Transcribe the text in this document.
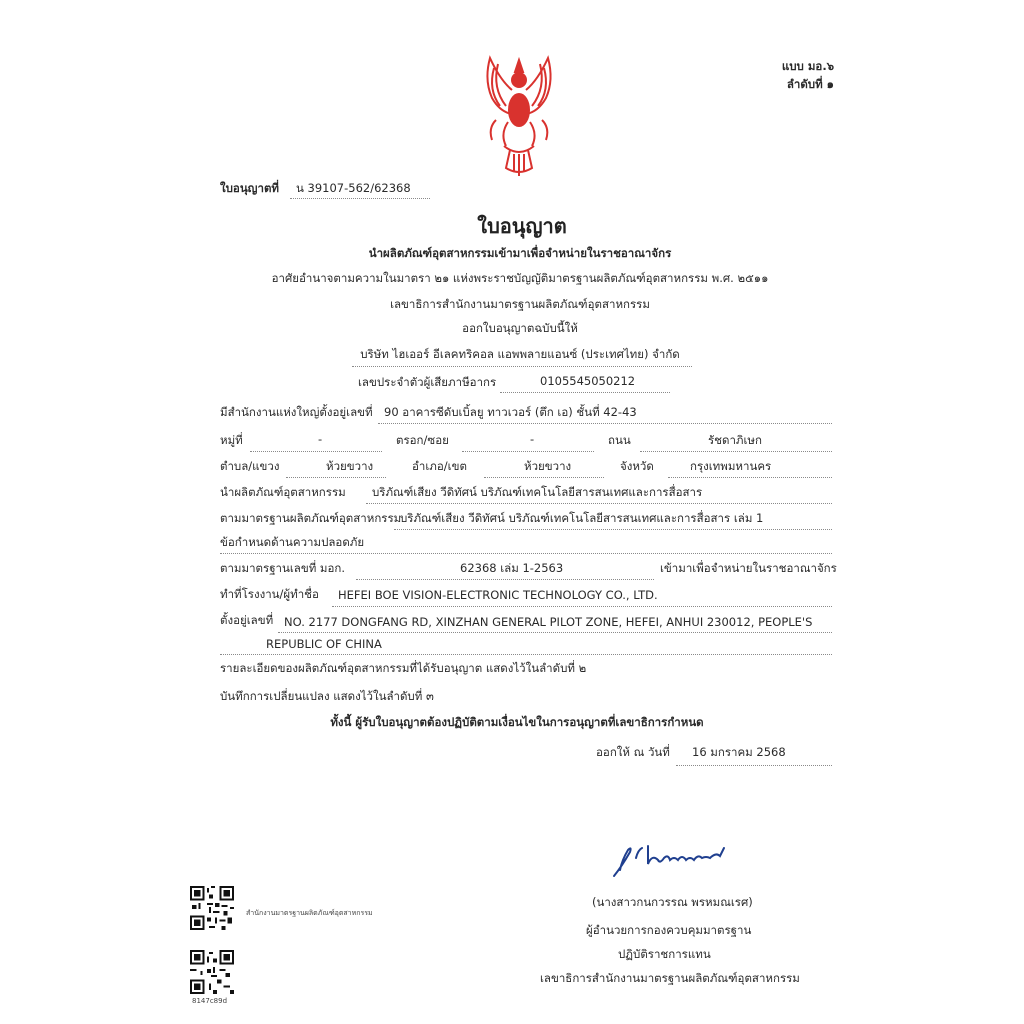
แบบ มอ.๖
ลำดับที่ ๑
ใบอนุญาตที่ น 39107-562/62368
ใบอนุญาต
นำผลิตภัณฑ์อุตสาหกรรมเข้ามาเพื่อจำหน่ายในราชอาณาจักร
อาศัยอำนาจตามความในมาตรา ๒๑ แห่งพระราชบัญญัติมาตรฐานผลิตภัณฑ์อุตสาหกรรม พ.ศ. ๒๕๑๑
เลขาธิการสำนักงานมาตรฐานผลิตภัณฑ์อุตสาหกรรม
ออกใบอนุญาตฉบับนี้ให้
บริษัท ไฮเออร์ อีเลคทริคอล แอพพลายแอนซ์ (ประเทศไทย) จำกัด
เลขประจำตัวผู้เสียภาษีอากร	0105545050212
มีสำนักงานแห่งใหญ่ตั้งอยู่เลขที่ 90 อาคารซีดับเบิ้ลยู ทาวเวอร์ (ตึก เอ) ชั้นที่ 42-43
หมู่ที่	-	ตรอก/ซอย	-	ถนน	รัชดาภิเษก
ตำบล/แขวง	ห้วยขวาง	อำเภอ/เขต	ห้วยขวาง	จังหวัด	กรุงเทพมหานคร
นำผลิตภัณฑ์อุตสาหกรรม บริภัณฑ์เสียง วีดิทัศน์ บริภัณฑ์เทคโนโลยีสารสนเทศและการสื่อสาร
ตามมาตรฐานผลิตภัณฑ์อุตสาหกรรม
บริภัณฑ์เสียง วีดิทัศน์ บริภัณฑ์เทคโนโลยีสารสนเทศและการสื่อสาร เล่ม 1
ข้อกำหนดด้านความปลอดภัย
ตามมาตรฐานเลขที่ มอก.	62368 เล่ม 1-2563	เข้ามาเพื่อจำหน่ายในราชอาณาจักร
ทำที่โรงงาน/ผู้ทำชื่อ HEFEI BOE VISION-ELECTRONIC TECHNOLOGY CO., LTD.
ตั้งอยู่เลขที่ NO. 2177 DONGFANG RD, XINZHAN GENERAL PILOT ZONE, HEFEI, ANHUI 230012, PEOPLE'S
REPUBLIC OF CHINA
รายละเอียดของผลิตภัณฑ์อุตสาหกรรมที่ได้รับอนุญาต แสดงไว้ในลำดับที่ ๒
บันทึกการเปลี่ยนแปลง แสดงไว้ในลำดับที่ ๓
ทั้งนี้ ผู้รับใบอนุญาตต้องปฏิบัติตามเงื่อนไขในการอนุญาตที่เลขาธิการกำหนด
ออกให้ ณ วันที่ 16 มกราคม 2568
(นางสาวกนกวรรณ พรหมณเรศ)
ผู้อำนวยการกองควบคุมมาตรฐาน
ปฏิบัติราชการแทน
เลขาธิการสำนักงานมาตรฐานผลิตภัณฑ์อุตสาหกรรม
สำนักงานมาตรฐานผลิตภัณฑ์อุตสาหกรรม
8147c89d
